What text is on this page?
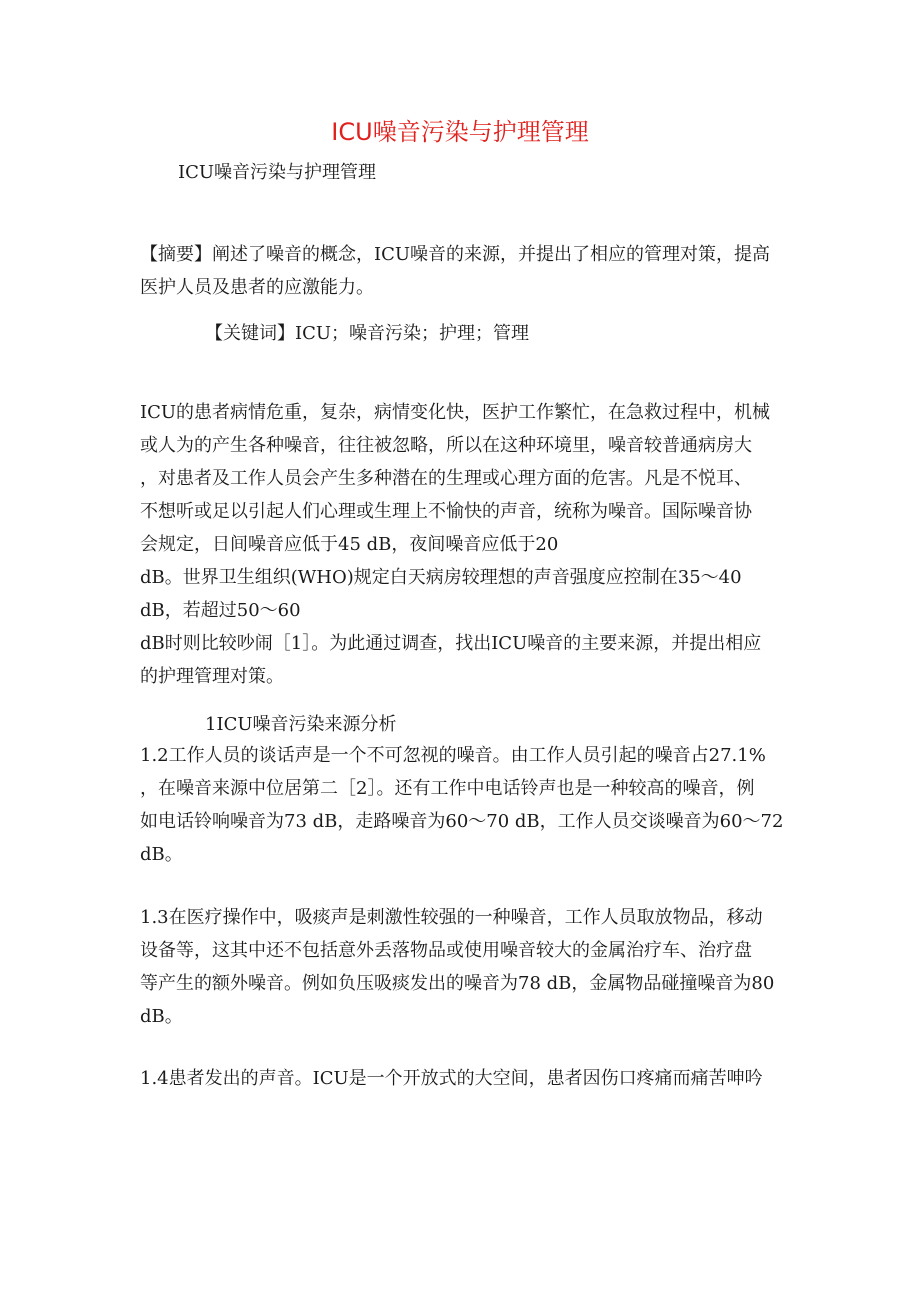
ICU噪音污染与护理管理

ICU噪音污染与护理管理

【摘要】阐述了噪音的概念，ICU噪音的来源，并提出了相应的管理对策，提高

医护人员及患者的应激能力。

【关键词】ICU；噪音污染；护理；管理

ICU的患者病情危重，复杂，病情变化快，医护工作繁忙，在急救过程中，机械

或人为的产生各种噪音，往往被忽略，所以在这种环境里，噪音较普通病房大

，对患者及工作人员会产生多种潜在的生理或心理方面的危害。凡是不悦耳、

不想听或足以引起人们心理或生理上不愉快的声音，统称为噪音。国际噪音协

会规定，日间噪音应低于45 dB，夜间噪音应低于20

dB。世界卫生组织(WHO)规定白天病房较理想的声音强度应控制在35～40

dB，若超过50～60

dB时则比较吵闹［1］。为此通过调查，找出ICU噪音的主要来源，并提出相应

的护理管理对策。

1ICU噪音污染来源分析

1.2工作人员的谈话声是一个不可忽视的噪音。由工作人员引起的噪音占27.1%

，在噪音来源中位居第二［2］。还有工作中电话铃声也是一种较高的噪音，例

如电话铃响噪音为73 dB，走路噪音为60～70 dB，工作人员交谈噪音为60～72

dB。

1.3在医疗操作中，吸痰声是刺激性较强的一种噪音，工作人员取放物品，移动

设备等，这其中还不包括意外丢落物品或使用噪音较大的金属治疗车、治疗盘

等产生的额外噪音。例如负压吸痰发出的噪音为78 dB，金属物品碰撞噪音为80

dB。

1.4患者发出的声音。ICU是一个开放式的大空间，患者因伤口疼痛而痛苦呻吟
